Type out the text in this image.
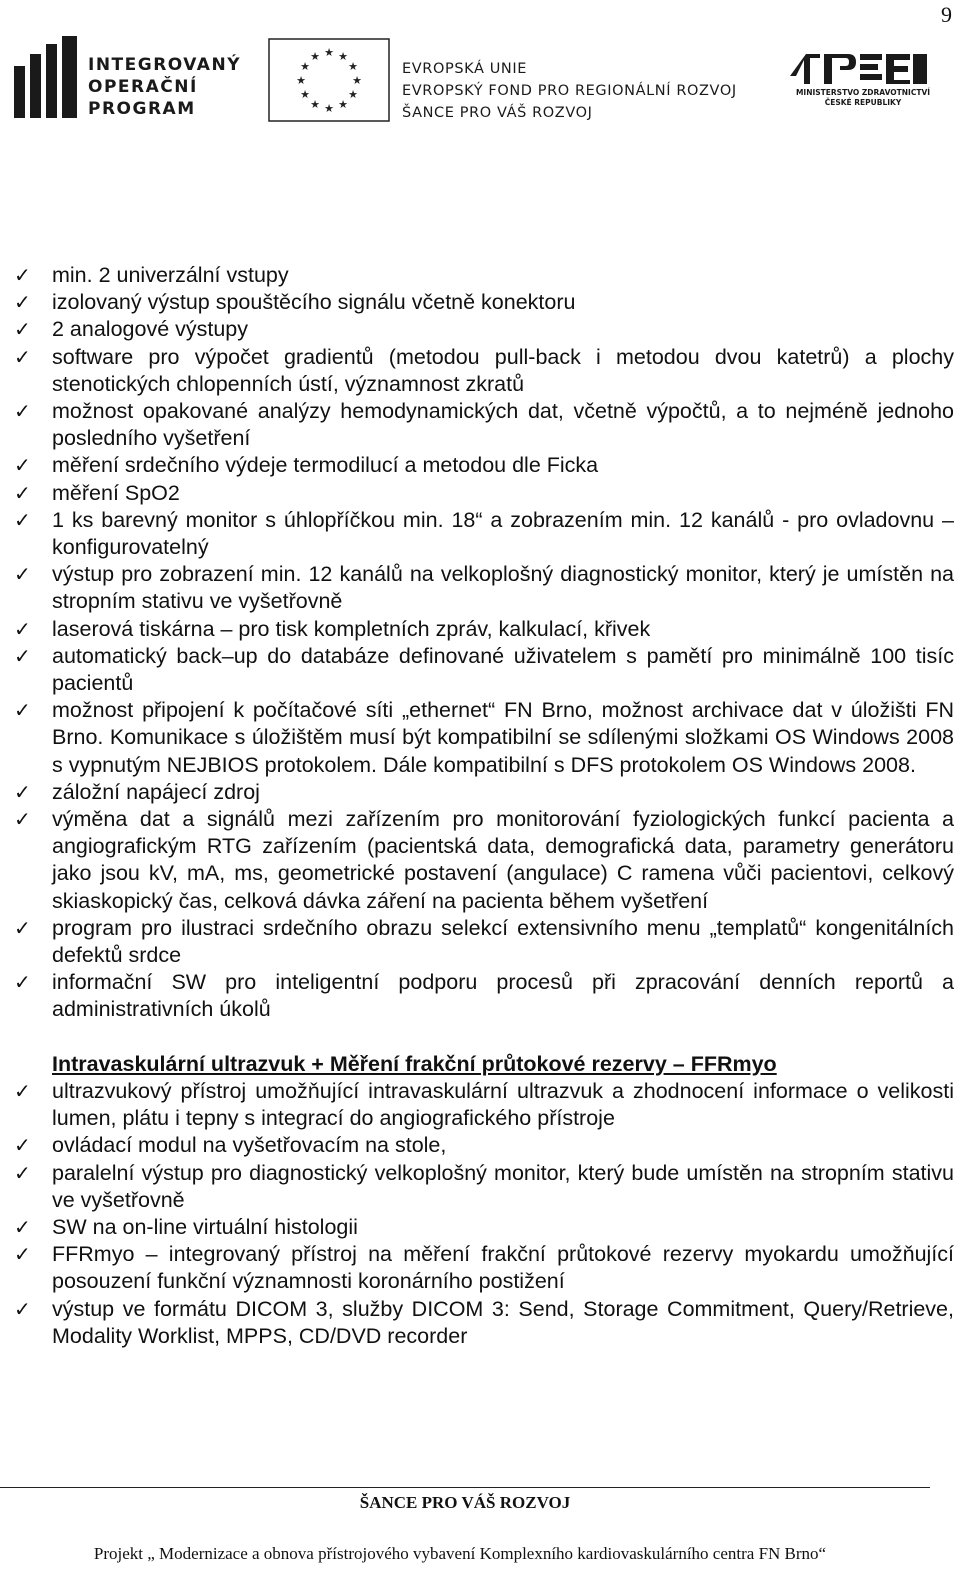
9
INTEGROVANÝ
OPERAČNÍ
PROGRAM
★ ★
★
★
★
★
★
★
★
★
★
★
EVROPSKÁ UNIE
EVROPSKÝ FOND PRO REGIONÁLNÍ ROZVOJ
ŠANCE PRO VÁŠ ROZVOJ
MINISTERSTVO ZDRAVOTNICTVÍ
ČESKÉ REPUBLIKY
✓ min. 2 univerzální vstupy
✓ izolovaný výstup spouštěcího signálu včetně konektoru
✓ 2 analogové výstupy
✓ software pro výpočet gradientů (metodou pull-back i metodou dvou katetrů) a plochy stenotických chlopenních ústí, významnost zkratů
✓ možnost opakované analýzy hemodynamických dat, včetně výpočtů, a to nejméně jednoho posledního vyšetření
✓ měření srdečního výdeje termodilucí a metodou dle Ficka
✓ měření SpO2
✓ 1 ks barevný monitor s úhlopříčkou min. 18“ a zobrazením min. 12 kanálů - pro ovladovnu – konfigurovatelný
✓ výstup pro zobrazení min. 12 kanálů na velkoplošný diagnostický monitor, který je umístěn na stropním stativu ve vyšetřovně
✓ laserová tiskárna – pro tisk kompletních zpráv, kalkulací, křivek
✓ automatický back–up do databáze definované uživatelem s pamětí pro minimálně 100 tisíc pacientů
✓ možnost připojení k počítačové síti „ethernet“ FN Brno, možnost archivace dat v úložišti FN Brno. Komunikace s úložištěm musí být kompatibilní se sdílenými složkami OS Windows 2008 s vypnutým NEJBIOS protokolem. Dále kompatibilní s DFS protokolem OS Windows 2008.
✓ záložní napájecí zdroj
✓ výměna dat a signálů mezi zařízením pro monitorování fyziologických funkcí pacienta a angiografickým RTG zařízením (pacientská data, demografická data, parametry generátoru jako jsou kV, mA, ms, geometrické postavení (angulace) C ramena vůči pacientovi, celkový skiaskopický čas, celková dávka záření na pacienta během vyšetření
✓ program pro ilustraci srdečního obrazu selekcí extensivního menu „templatů“ kongenitálních defektů srdce
✓ informační SW pro inteligentní podporu procesů při zpracování denních reportů a administrativních úkolů
Intravaskulární ultrazvuk + Měření frakční průtokové rezervy – FFRmyo
✓ ultrazvukový přístroj umožňující intravaskulární ultrazvuk a zhodnocení informace o velikosti lumen, plátu i tepny s integrací do angiografického přístroje
✓ ovládací modul na vyšetřovacím na stole,
✓ paralelní výstup pro diagnostický velkoplošný monitor, který bude umístěn na stropním stativu ve vyšetřovně
✓ SW na on-line virtuální histologii
✓ FFRmyo – integrovaný přístroj na měření frakční průtokové rezervy myokardu umožňující posouzení funkční významnosti koronárního postižení
✓ výstup ve formátu DICOM 3, služby DICOM 3: Send, Storage Commitment, Query/Retrieve, Modality Worklist, MPPS, CD/DVD recorder
ŠANCE PRO VÁŠ ROZVOJ
Projekt „ Modernizace a obnova přístrojového vybavení Komplexního kardiovaskulárního centra FN Brno“
